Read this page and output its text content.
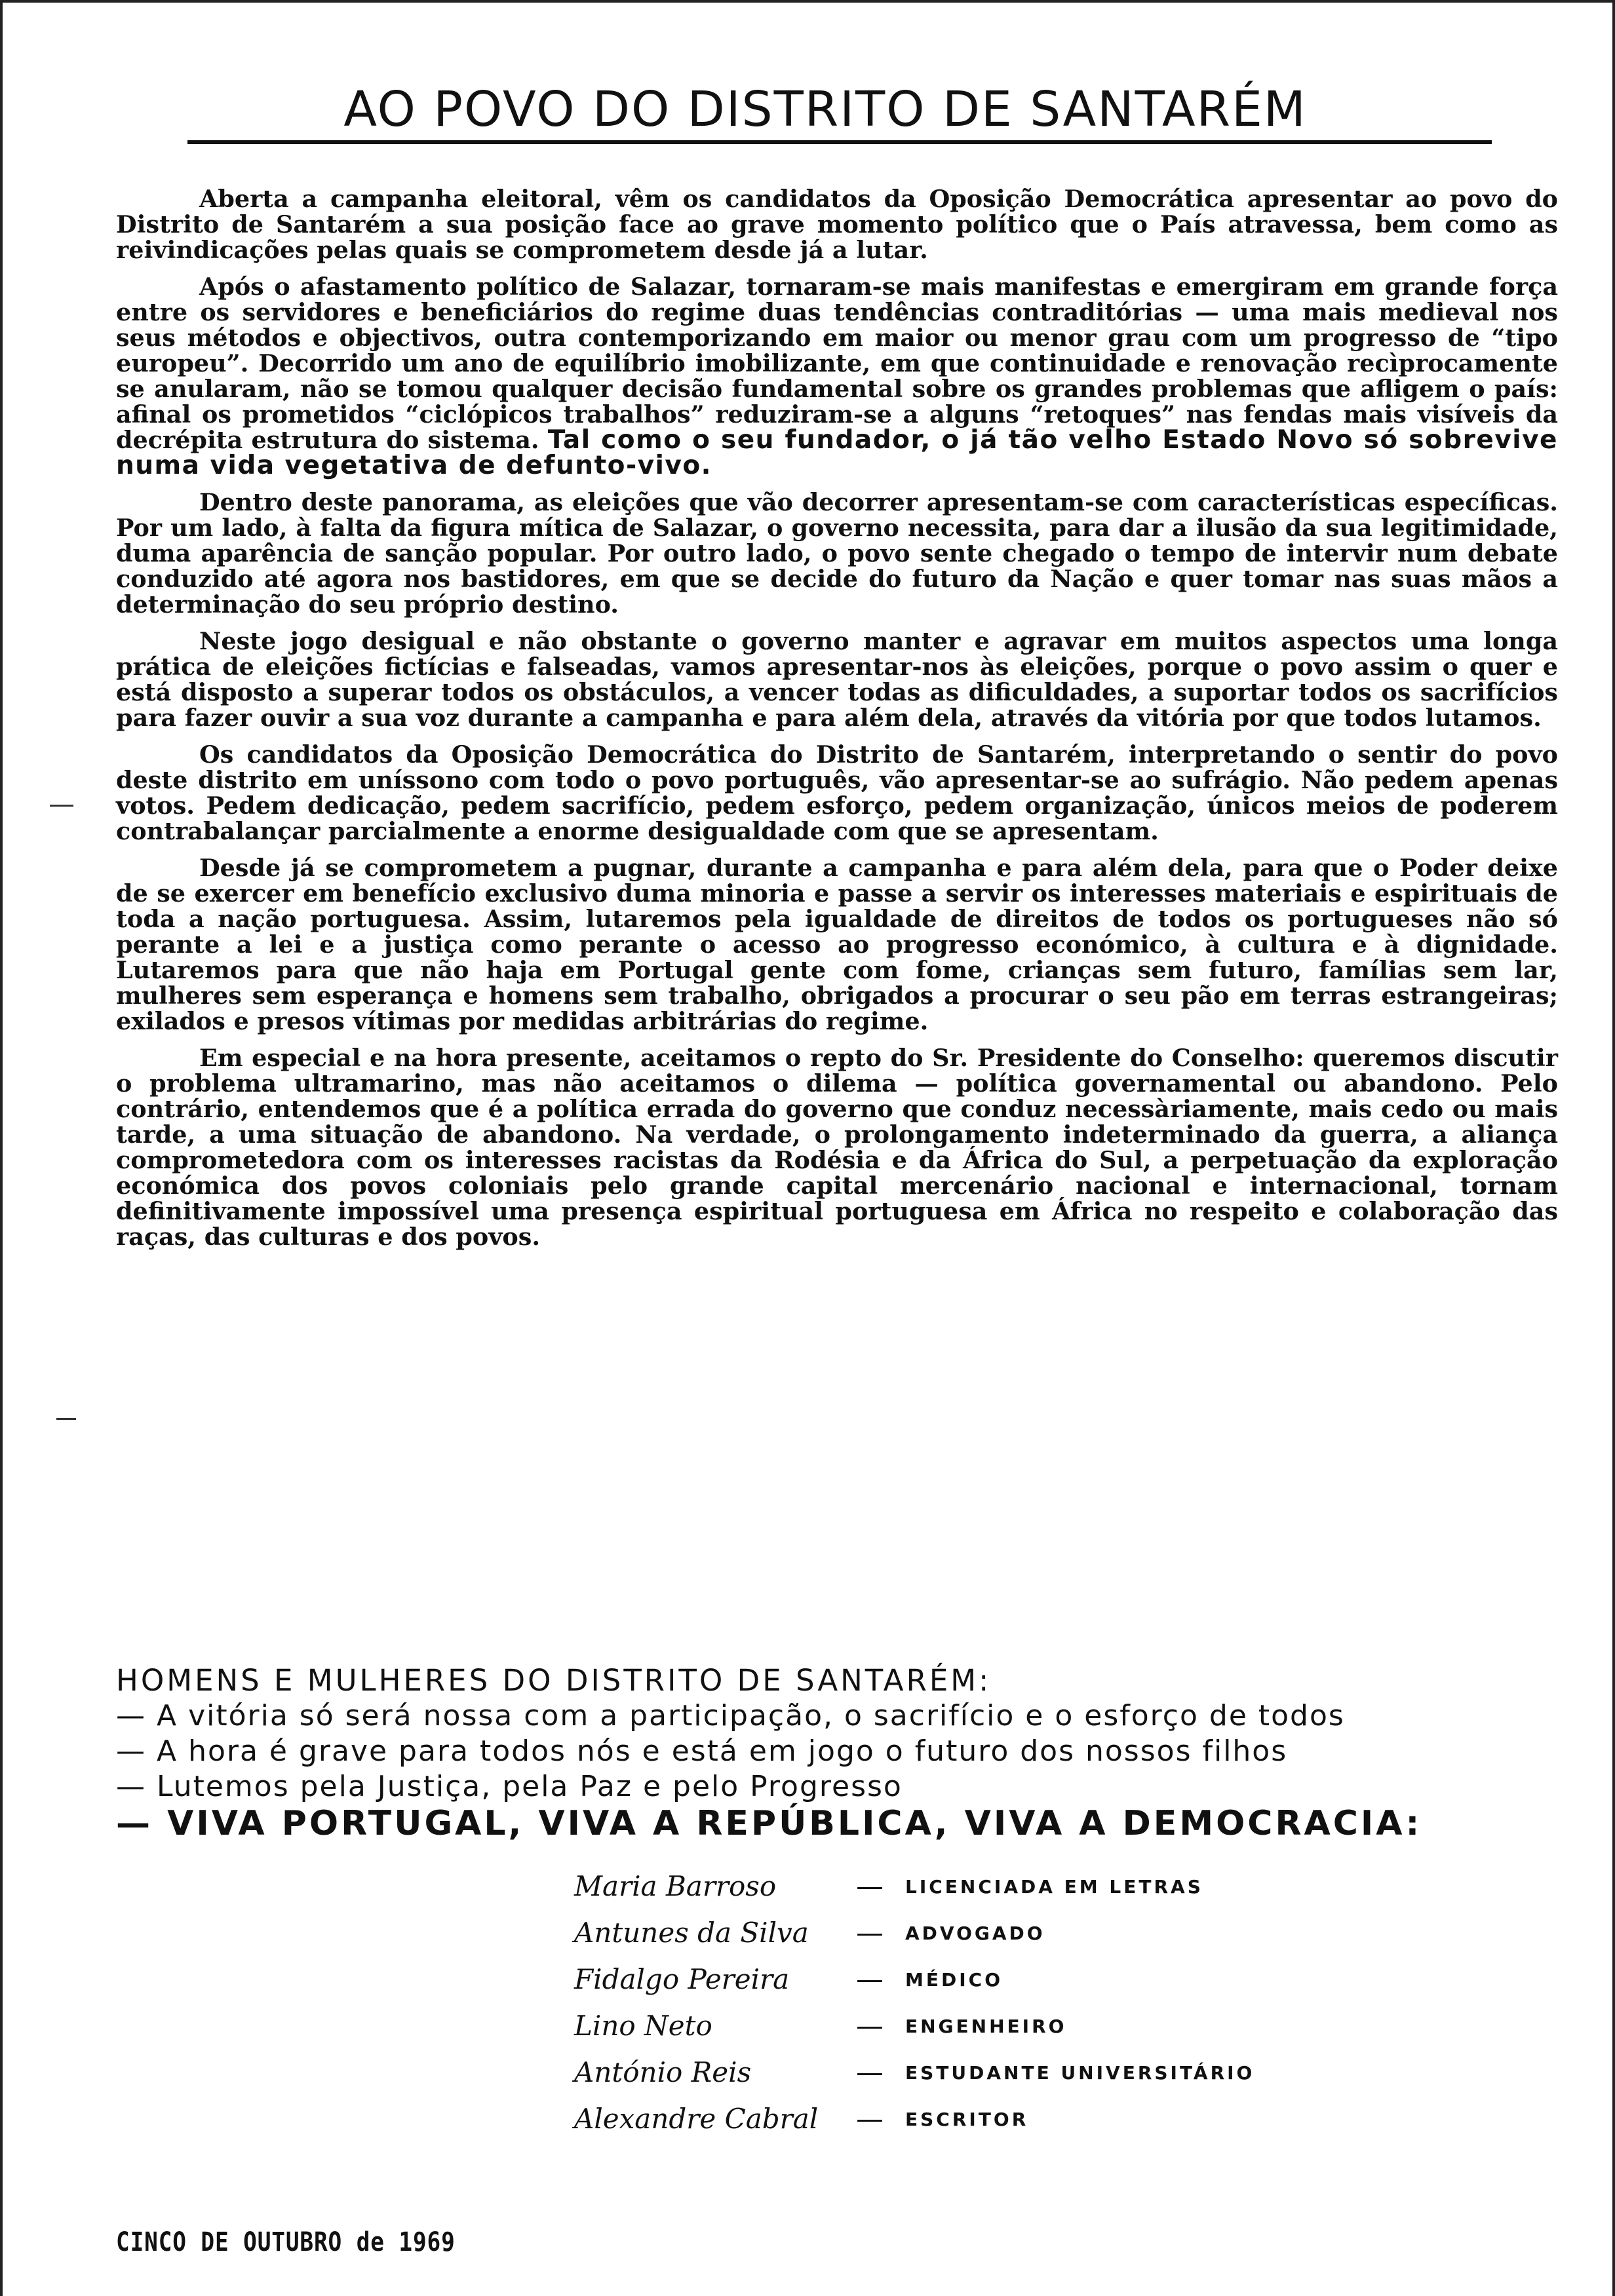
AO POVO DO DISTRITO DE SANTARÉM

Aberta a campanha eleitoral, vêm os candidatos da Oposição Democrática apresentar ao povo do Distrito de Santarém a sua posição face ao grave momento político que o País atravessa, bem como as reivindicações pelas quais se comprometem desde já a lutar.

Após o afastamento político de Salazar, tornaram-se mais manifestas e emergiram em grande força entre os servidores e beneficiários do regime duas tendências contraditórias — uma mais medieval nos seus métodos e objectivos, outra contemporizando em maior ou menor grau com um progresso de “tipo europeu”. Decorrido um ano de equilíbrio imobilizante, em que continuidade e renovação recìprocamente se anularam, não se tomou qualquer decisão fundamental sobre os grandes problemas que afligem o país: afinal os prometidos “ciclópicos trabalhos” reduziram-se a alguns “retoques” nas fendas mais visíveis da decrépita estrutura do sistema. Tal como o seu fundador, o já tão velho Estado Novo só sobrevive numa vida vegetativa de defunto-vivo.

Dentro deste panorama, as eleições que vão decorrer apresentam-se com características específicas. Por um lado, à falta da figura mítica de Salazar, o governo necessita, para dar a ilusão da sua legitimidade, duma aparência de sanção popular. Por outro lado, o povo sente chegado o tempo de intervir num debate conduzido até agora nos bastidores, em que se decide do futuro da Nação e quer tomar nas suas mãos a determinação do seu próprio destino.

Neste jogo desigual e não obstante o governo manter e agravar em muitos aspectos uma longa prática de eleições fictícias e falseadas, vamos apresentar-nos às eleições, porque o povo assim o quer e está disposto a superar todos os obstáculos, a vencer todas as dificuldades, a suportar todos os sacrifícios para fazer ouvir a sua voz durante a campanha e para além dela, através da vitória por que todos lutamos.

Os candidatos da Oposição Democrática do Distrito de Santarém, interpretando o sentir do povo deste distrito em uníssono com todo o povo português, vão apresentar-se ao sufrágio. Não pedem apenas votos. Pedem dedicação, pedem sacrifício, pedem esforço, pedem organização, únicos meios de poderem contrabalançar parcialmente a enorme desigualdade com que se apresentam.

Desde já se comprometem a pugnar, durante a campanha e para além dela, para que o Poder deixe de se exercer em benefício exclusivo duma minoria e passe a servir os interesses materiais e espirituais de toda a nação portuguesa. Assim, lutaremos pela igualdade de direitos de todos os portugueses não só perante a lei e a justiça como perante o acesso ao progresso económico, à cultura e à dignidade. Lutaremos para que não haja em Portugal gente com fome, crianças sem futuro, famílias sem lar, mulheres sem esperança e homens sem trabalho, obrigados a procurar o seu pão em terras estrangeiras; exilados e presos vítimas por medidas arbitrárias do regime.

Em especial e na hora presente, aceitamos o repto do Sr. Presidente do Conselho: queremos discutir o problema ultramarino, mas não aceitamos o dilema — política governamental ou abandono. Pelo contrário, entendemos que é a política errada do governo que conduz necessàriamente, mais cedo ou mais tarde, a uma situação de abandono. Na verdade, o prolongamento indeterminado da guerra, a aliança comprometedora com os interesses racistas da Rodésia e da África do Sul, a perpetuação da exploração económica dos povos coloniais pelo grande capital mercenário nacional e internacional, tornam definitivamente impossível uma presença espiritual portuguesa em África no respeito e colaboração das raças, das culturas e dos povos.

HOMENS E MULHERES DO DISTRITO DE SANTARÉM:
— A vitória só será nossa com a participação, o sacrifício e o esforço de todos
— A hora é grave para todos nós e está em jogo o futuro dos nossos filhos
— Lutemos pela Justiça, pela Paz e pelo Progresso
— VIVA PORTUGAL, VIVA A REPÚBLICA, VIVA A DEMOCRACIA:
Maria Barroso	— LICENCIADA EM LETRAS
Antunes da Silva — ADVOGADO
Fidalgo Pereira — MÉDICO
Lino Neto	— ENGENHEIRO
António Reis	— ESTUDANTE UNIVERSITÁRIO
Alexandre Cabral — ESCRITOR
CINCO DE OUTUBRO de 1969
